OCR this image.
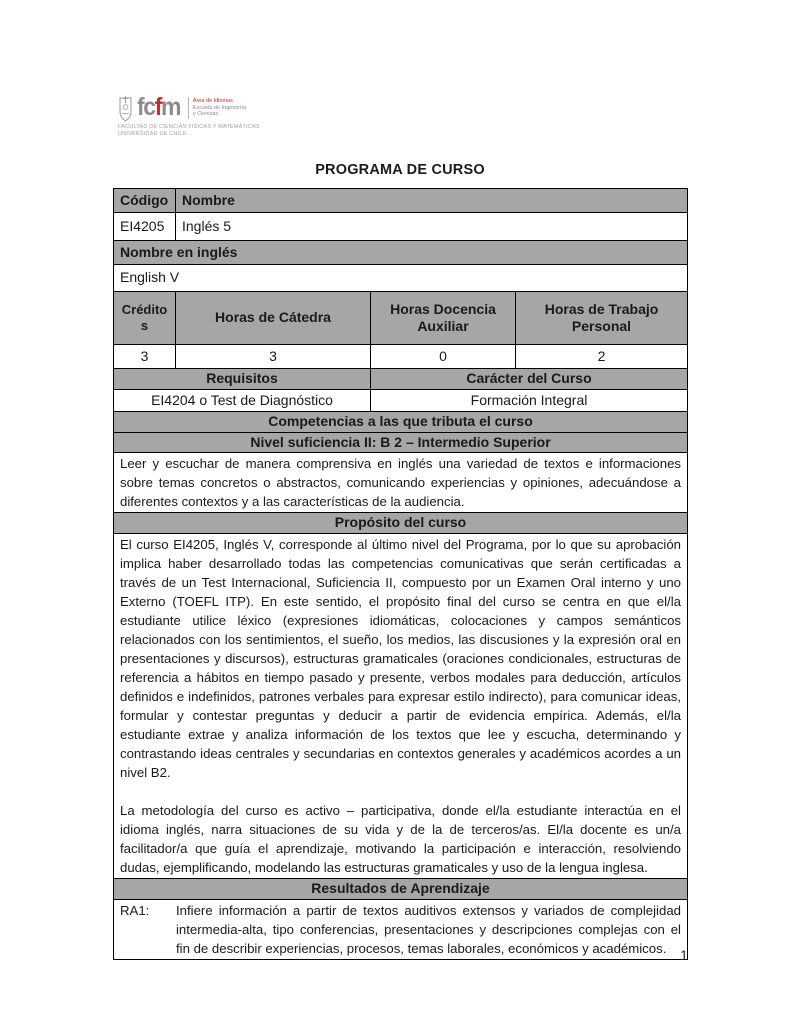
fcfm Área de Idiomas
Escuela de Ingeniería
y Ciencias
FACULTAD DE CIENCIAS FÍSICAS Y MATEMÁTICAS
UNIVERSIDAD DE CHILE
PROGRAMA DE CURSO
Código	Nombre		
EI4205	Inglés 5		
Nombre en inglés			
English V			
Créditos	Horas de Cátedra	Horas Docencia Auxiliar	Horas de Trabajo Personal
3	3	0	2
Requisitos		Carácter del Curso	
EI4204 o Test de Diagnóstico		Formación Integral	
Competencias a las que tributa el curso			
Nivel suficiencia II: B 2 – Intermedio Superior			
Leer y escuchar de manera comprensiva en inglés una variedad de textos e informaciones sobre temas concretos o abstractos, comunicando experiencias y opiniones, adecuándose a diferentes contextos y a las características de la audiencia.			
Propósito del curso			

El curso EI4205, Inglés V, corresponde al último nivel del Programa, por lo que su aprobación implica haber desarrollado todas las competencias comunicativas que serán certificadas a través de un Test Internacional, Suficiencia II, compuesto por un Examen Oral interno y uno Externo (TOEFL ITP). En este sentido, el propósito final del curso se centra en que el/la estudiante utilice léxico (expresiones idiomáticas, colocaciones y campos semánticos relacionados con los sentimientos, el sueño, los medios, las discusiones y la expresión oral en presentaciones y discursos), estructuras gramaticales (oraciones condicionales, estructuras de referencia a hábitos en tiempo pasado y presente, verbos modales para deducción, artículos definidos e indefinidos, patrones verbales para expresar estilo indirecto), para comunicar ideas, formular y contestar preguntas y deducir a partir de evidencia empírica. Además, el/la estudiante extrae y analiza información de los textos que lee y escucha, determinando y contrastando ideas centrales y secundarias en contextos generales y académicos acordes a un nivel B2.

La metodología del curso es activo – participativa, donde el/la estudiante interactúa en el idioma inglés, narra situaciones de su vida y de la de terceros/as. El/la docente es un/a facilitador/a que guía el aprendizaje, motivando la participación e interacción, resolviendo dudas, ejemplificando, modelando las estructuras gramaticales y uso de la lengua inglesa.			

Resultados de Aprendizaje			

RA1: Infiere información a partir de textos auditivos extensos y variados de complejidad intermedia-alta, tipo conferencias, presentaciones y descripciones complejas con el fin de describir experiencias, procesos, temas laborales, económicos y académicos.				1
